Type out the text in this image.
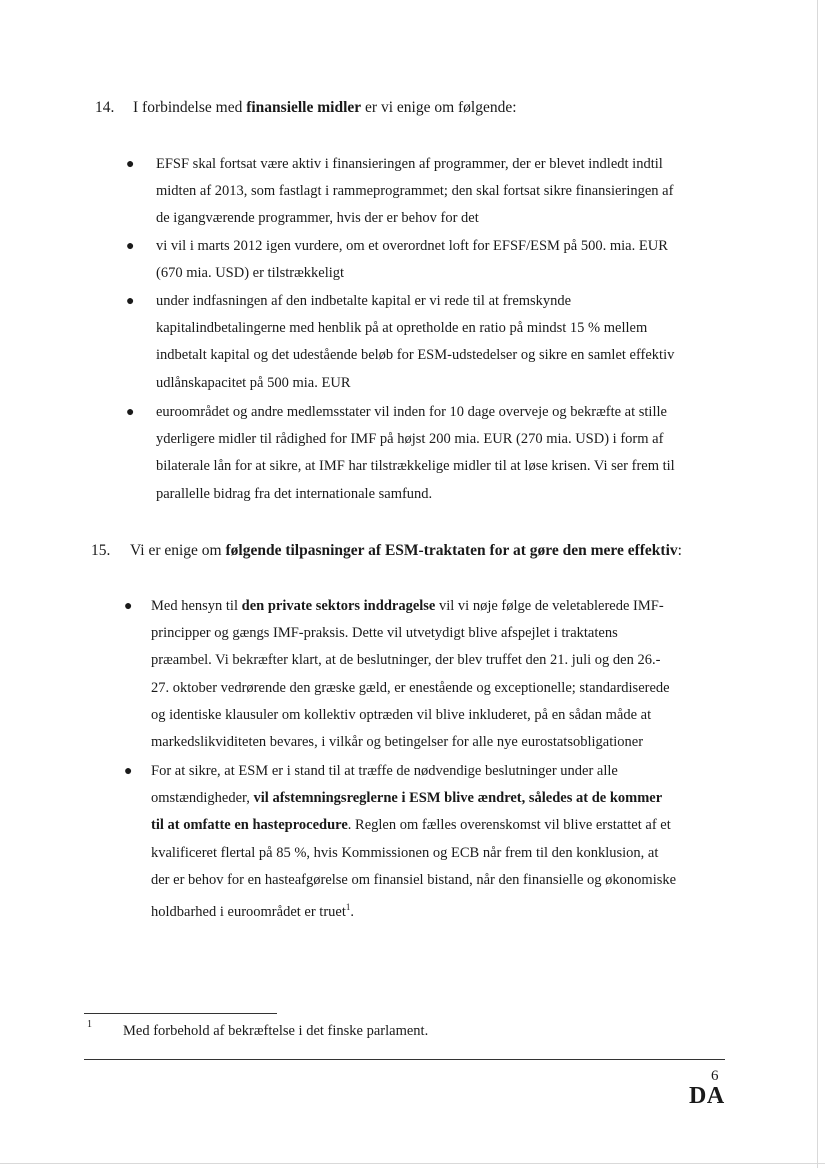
14. I forbindelse med finansielle midler er vi enige om følgende:
● EFSF skal fortsat være aktiv i finansieringen af programmer, der er blevet indledt indtil
midten af 2013, som fastlagt i rammeprogrammet; den skal fortsat sikre finansieringen af
de igangværende programmer, hvis der er behov for det
● vi vil i marts 2012 igen vurdere, om et overordnet loft for EFSF/ESM på 500. mia. EUR
(670 mia. USD) er tilstrækkeligt
● under indfasningen af den indbetalte kapital er vi rede til at fremskynde
kapitalindbetalingerne med henblik på at opretholde en ratio på mindst 15 % mellem
indbetalt kapital og det udestående beløb for ESM-udstedelser og sikre en samlet effektiv
udlånskapacitet på 500 mia. EUR
● euroområdet og andre medlemsstater vil inden for 10 dage overveje og bekræfte at stille
yderligere midler til rådighed for IMF på højst 200 mia. EUR (270 mia. USD) i form af
bilaterale lån for at sikre, at IMF har tilstrækkelige midler til at løse krisen. Vi ser frem til
parallelle bidrag fra det internationale samfund.
15. Vi er enige om følgende tilpasninger af ESM-traktaten for at gøre den mere effektiv:
● Med hensyn til den private sektors inddragelse vil vi nøje følge de veletablerede IMF-
principper og gængs IMF-praksis. Dette vil utvetydigt blive afspejlet i traktatens
præambel. Vi bekræfter klart, at de beslutninger, der blev truffet den 21. juli og den 26.-
27. oktober vedrørende den græske gæld, er enestående og exceptionelle; standardiserede
og identiske klausuler om kollektiv optræden vil blive inkluderet, på en sådan måde at
markedslikviditeten bevares, i vilkår og betingelser for alle nye eurostatsobligationer
● For at sikre, at ESM er i stand til at træffe de nødvendige beslutninger under alle
omstændigheder, vil afstemningsreglerne i ESM blive ændret, således at de kommer
til at omfatte en hasteprocedure. Reglen om fælles overenskomst vil blive erstattet af et
kvalificeret flertal på 85 %, hvis Kommissionen og ECB når frem til den konklusion, at
der er behov for en hasteafgørelse om finansiel bistand, når den finansielle og økonomiske
holdbarhed i euroområdet er truet$^1$.
1 Med forbehold af bekræftelse i det finske parlament.
6
DA
